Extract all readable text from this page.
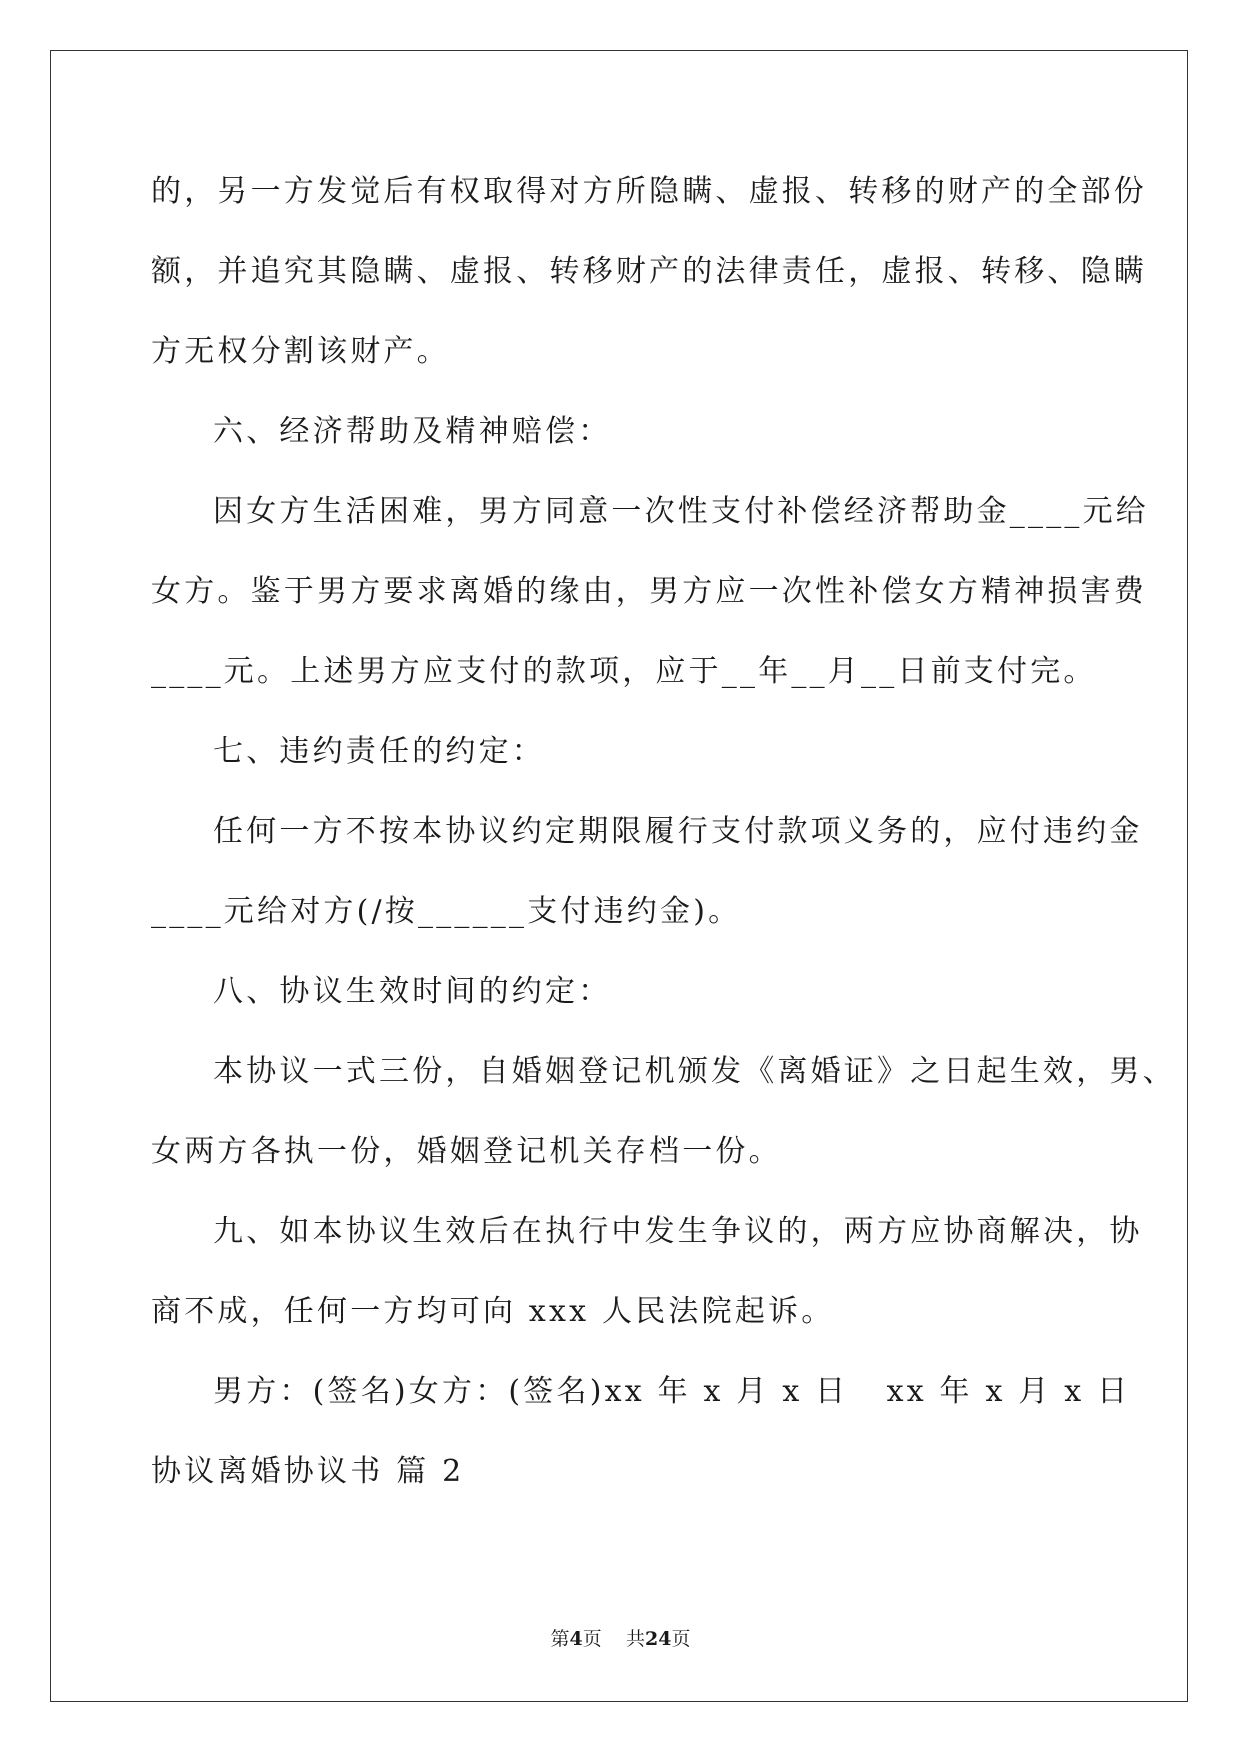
的，另一方发觉后有权取得对方所隐瞒、虚报、转移的财产的全部份
额，并追究其隐瞒、虚报、转移财产的法律责任，虚报、转移、隐瞒
方无权分割该财产。
六、经济帮助及精神赔偿：
因女方生活困难，男方同意一次性支付补偿经济帮助金____元给
女方。鉴于男方要求离婚的缘由，男方应一次性补偿女方精神损害费
____元。上述男方应支付的款项，应于__年__月__日前支付完。
七、违约责任的约定：
任何一方不按本协议约定期限履行支付款项义务的，应付违约金
____元给对方(/按______支付违约金)。
八、协议生效时间的约定：
本协议一式三份，自婚姻登记机颁发《离婚证》之日起生效，男、
女两方各执一份，婚姻登记机关存档一份。
九、如本协议生效后在执行中发生争议的，两方应协商解决，协
商不成，任何一方均可向 xxx 人民法院起诉。
男方：(签名)女方：(签名)xx 年 x 月 x 日   xx 年 x 月 x 日
协议离婚协议书 篇 2
第4页 共24页
